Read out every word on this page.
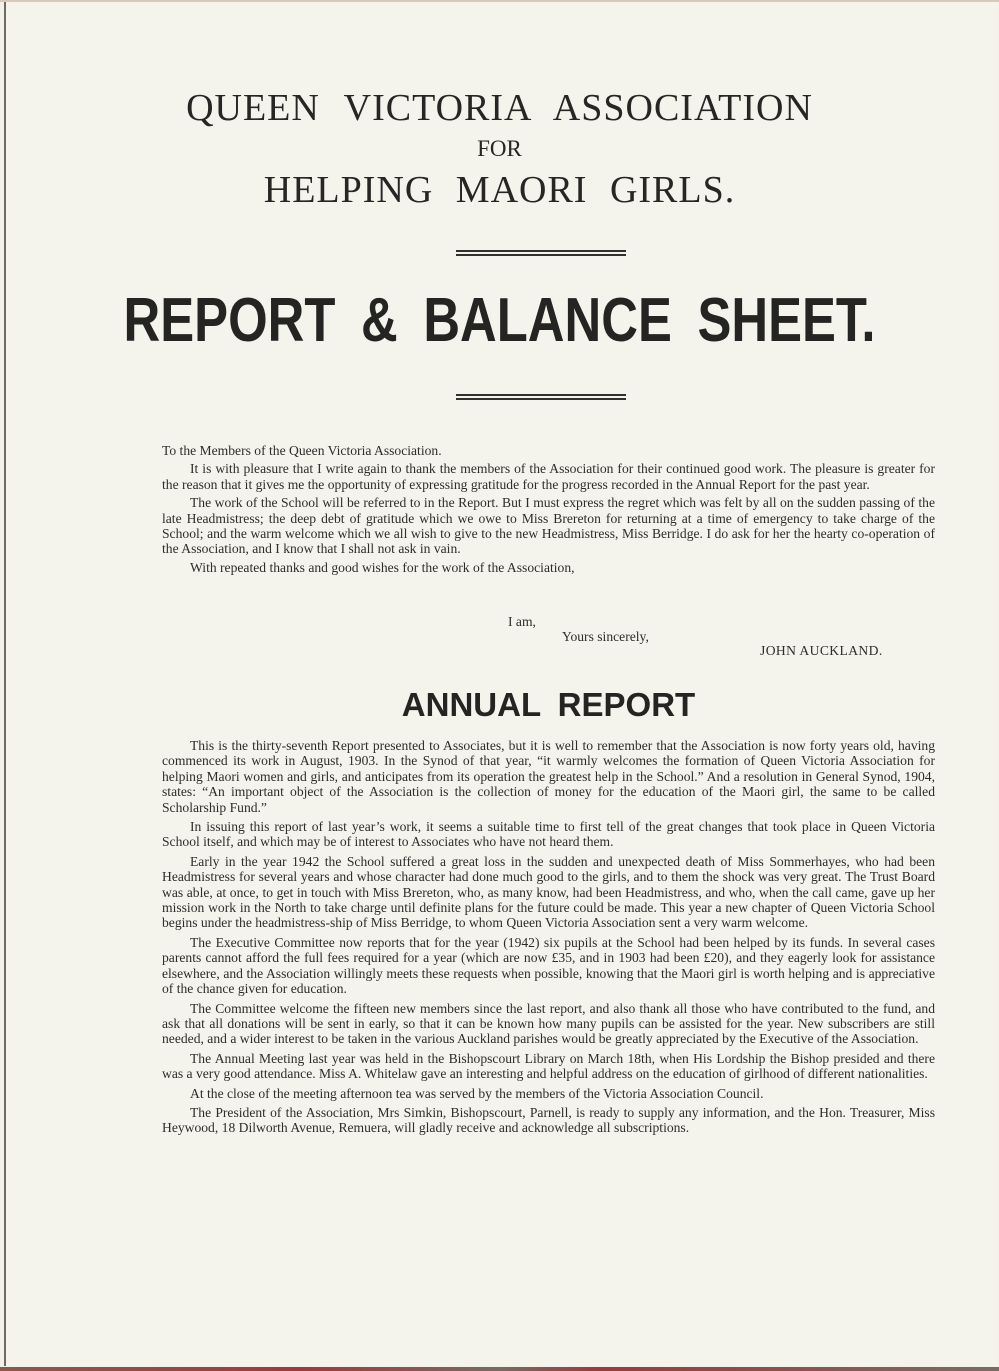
QUEEN VICTORIA ASSOCIATION
FOR
HELPING MAORI GIRLS.
REPORT & BALANCE SHEET.

To the Members of the Queen Victoria Association.

It is with pleasure that I write again to thank the members of the Association for their continued good work. The pleasure is greater for the reason that it gives me the opportunity of expressing gratitude for the progress recorded in the Annual Report for the past year.

The work of the School will be referred to in the Report. But I must express the regret which was felt by all on the sudden passing of the late Headmistress; the deep debt of gratitude which we owe to Miss Brereton for returning at a time of emergency to take charge of the School; and the warm welcome which we all wish to give to the new Headmistress, Miss Berridge. I do ask for her the hearty co-operation of the Association, and I know that I shall not ask in vain.

With repeated thanks and good wishes for the work of the Association,

I am,
Yours sincerely,
JOHN AUCKLAND.
ANNUAL REPORT

This is the thirty-seventh Report presented to Associates, but it is well to remember that the Association is now forty years old, having commenced its work in August, 1903. In the Synod of that year, “it warmly welcomes the formation of Queen Victoria Association for helping Maori women and girls, and anticipates from its operation the greatest help in the School.” And a resolution in General Synod, 1904, states: “An important object of the Association is the collection of money for the education of the Maori girl, the same to be called Scholarship Fund.”

In issuing this report of last year’s work, it seems a suitable time to first tell of the great changes that took place in Queen Victoria School itself, and which may be of interest to Associates who have not heard them.

Early in the year 1942 the School suffered a great loss in the sudden and unexpected death of Miss Sommerhayes, who had been Headmistress for several years and whose character had done much good to the girls, and to them the shock was very great. The Trust Board was able, at once, to get in touch with Miss Brereton, who, as many know, had been Headmistress, and who, when the call came, gave up her mission work in the North to take charge until definite plans for the future could be made. This year a new chapter of Queen Victoria School begins under the headmistress-ship of Miss Berridge, to whom Queen Victoria Association sent a very warm welcome.

The Executive Committee now reports that for the year (1942) six pupils at the School had been helped by its funds. In several cases parents cannot afford the full fees required for a year (which are now £35, and in 1903 had been £20), and they eagerly look for assistance elsewhere, and the Association willingly meets these requests when possible, knowing that the Maori girl is worth helping and is appreciative of the chance given for education.

The Committee welcome the fifteen new members since the last report, and also thank all those who have contributed to the fund, and ask that all donations will be sent in early, so that it can be known how many pupils can be assisted for the year. New subscribers are still needed, and a wider interest to be taken in the various Auckland parishes would be greatly appreciated by the Executive of the Association.

The Annual Meeting last year was held in the Bishopscourt Library on March 18th, when His Lordship the Bishop presided and there was a very good attendance. Miss A. Whitelaw gave an interesting and helpful address on the education of girlhood of different nationalities.

At the close of the meeting afternoon tea was served by the members of the Victoria Association Council.

The President of the Association, Mrs Simkin, Bishopscourt, Parnell, is ready to supply any information, and the Hon. Treasurer, Miss Heywood, 18 Dilworth Avenue, Remuera, will gladly receive and acknowledge all subscriptions.
